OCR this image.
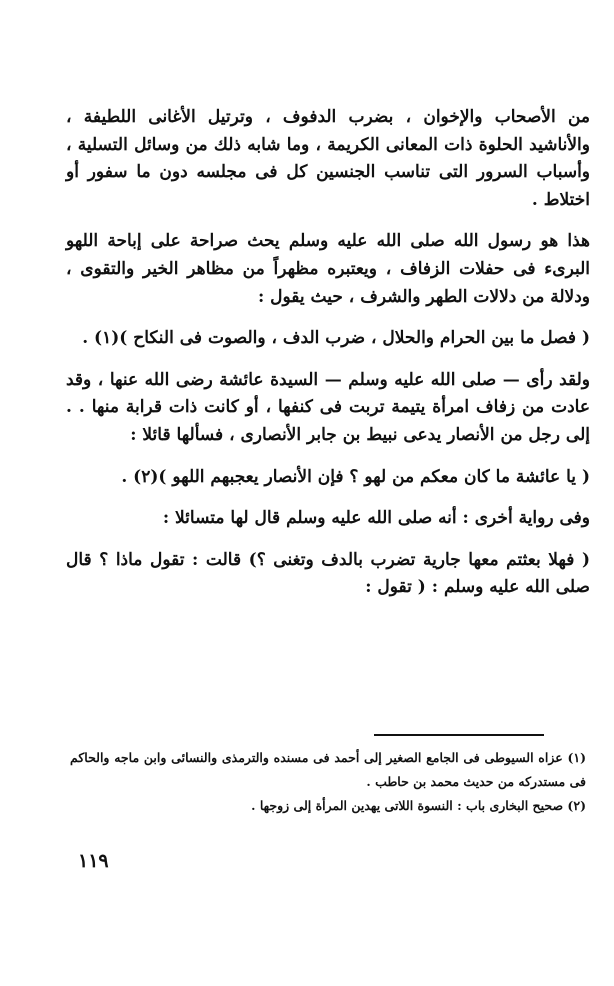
من الأصحاب والإخوان ، بضرب الدفوف ، وترتيل الأغانى اللطيفة ، والأناشيد الحلوة ذات المعانى الكريمة ، وما شابه ذلك من وسائل التسلية ، وأسباب السرور التى تناسب الجنسين كل فى مجلسه دون ما سفور أو اختلاط .

هذا هو رسول الله صلى الله عليه وسلم يحث صراحة على إباحة اللهو البرىء فى حفلات الزفاف ، ويعتبره مظهراً من مظاهر الخير والتقوى ، ودلالة من دلالات الطهر والشرف ، حيث يقول :

( فصل ما بين الحرام والحلال ، ضرب الدف ، والصوت فى النكاح )(١) .

ولقد رأى — صلى الله عليه وسلم — السيدة عائشة رضى الله عنها ، وقد عادت من زفاف امرأة يتيمة تربت فى كنفها ، أو كانت ذات قرابة منها . . إلى رجل من الأنصار يدعى نبيط بن جابر الأنصارى ، فسألها قائلا :

( يا عائشة ما كان معكم من لهو ؟ فإن الأنصار يعجبهم اللهو )(٢) .

وفى رواية أخرى : أنه صلى الله عليه وسلم قال لها متسائلا :

( فهلا بعثتم معها جارية تضرب بالدف وتغنى ؟) قالت : تقول ماذا ؟ قال صلى الله عليه وسلم : ( تقول :

(١) عزاه السيوطى فى الجامع الصغير إلى أحمد فى مسنده والترمذى والنسائى وابن ماجه والحاكم فى مستدركه من حديث محمد بن حاطب .

(٢) صحيح البخارى باب : النسوة اللاتى يهدين المرأة إلى زوجها .

١١٩
